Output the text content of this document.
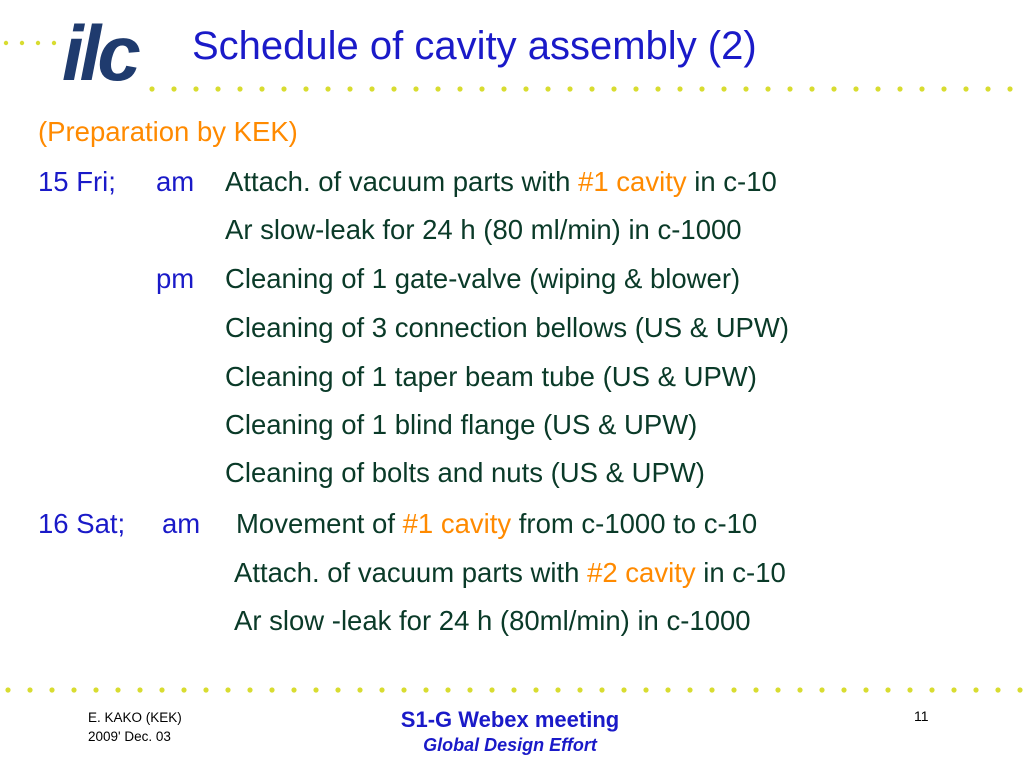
ilc Schedule of cavity assembly (2)
(Preparation by KEK)
15 Fri; am Attach. of vacuum parts with #1 cavity in c-10
Ar slow-leak for 24 h (80 ml/min) in c-1000
pm Cleaning of 1 gate-valve (wiping & blower)
Cleaning of 3 connection bellows (US & UPW)
Cleaning of 1 taper beam tube (US & UPW)
Cleaning of 1 blind flange (US & UPW)
Cleaning of bolts and nuts (US & UPW)
16 Sat; am Movement of #1 cavity from c-1000 to c-10
Attach. of vacuum parts with #2 cavity in c-10
Ar slow -leak for 24 h (80ml/min) in c-1000
E. KAKO (KEK)
2009' Dec. 03
S1-G Webex meeting
Global Design Effort
11
